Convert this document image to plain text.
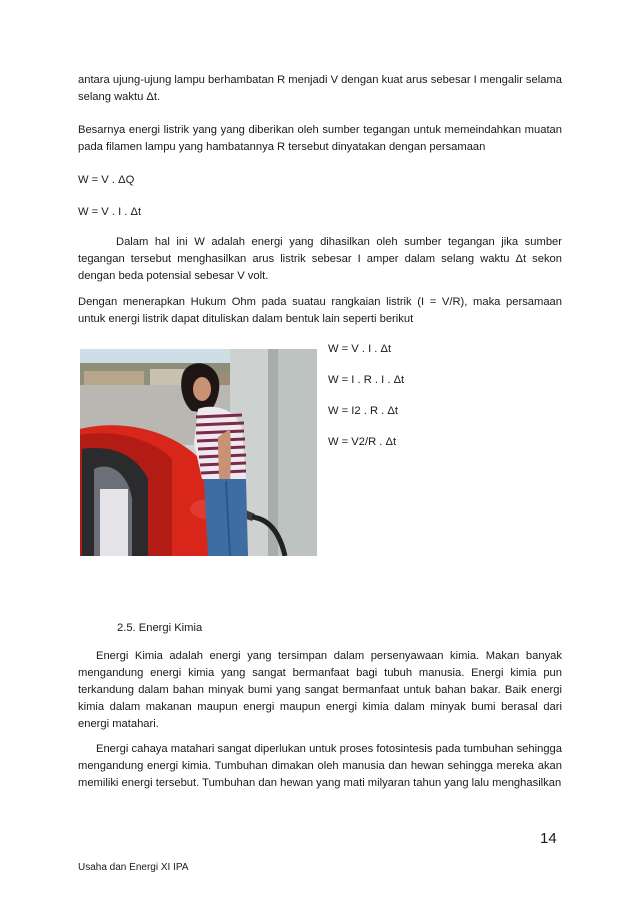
antara ujung-ujung lampu berhambatan R menjadi V dengan kuat arus sebesar I mengalir selama selang waktu Δt.

Besarnya energi listrik yang yang diberikan oleh sumber tegangan untuk memeindahkan muatan pada filamen lampu yang hambatannya R tersebut dinyatakan dengan persamaan

W = V . ΔQ

W = V . I . Δt

Dalam hal ini W adalah energi yang dihasilkan oleh sumber tegangan jika sumber tegangan tersebut menghasilkan arus listrik sebesar I amper dalam selang waktu Δt sekon dengan beda potensial sebesar V volt.

Dengan menerapkan Hukum Ohm pada suatau rangkaian listrik (I = V/R), maka persamaan untuk energi listrik dapat dituliskan dalam bentuk lain seperti berikut

W = V . I . Δt

W = I . R . I . Δt

W = I2 . R . Δt

W = V2/R . Δt

2.5. Energi Kimia

Energi Kimia adalah energi yang tersimpan dalam persenyawaan kimia. Makan banyak mengandung energi kimia yang sangat bermanfaat bagi tubuh manusia. Energi kimia pun terkandung dalam bahan minyak bumi yang sangat bermanfaat untuk bahan bakar. Baik energi kimia dalam makanan maupun energi maupun energi kimia dalam minyak bumi berasal dari energi matahari.

Energi cahaya matahari sangat diperlukan untuk proses fotosintesis pada tumbuhan sehingga mengandung energi kimia. Tumbuhan dimakan oleh manusia dan hewan sehingga mereka akan memiliki energi tersebut. Tumbuhan dan hewan yang mati milyaran tahun yang lalu menghasilkan

14

Usaha dan Energi XI IPA
